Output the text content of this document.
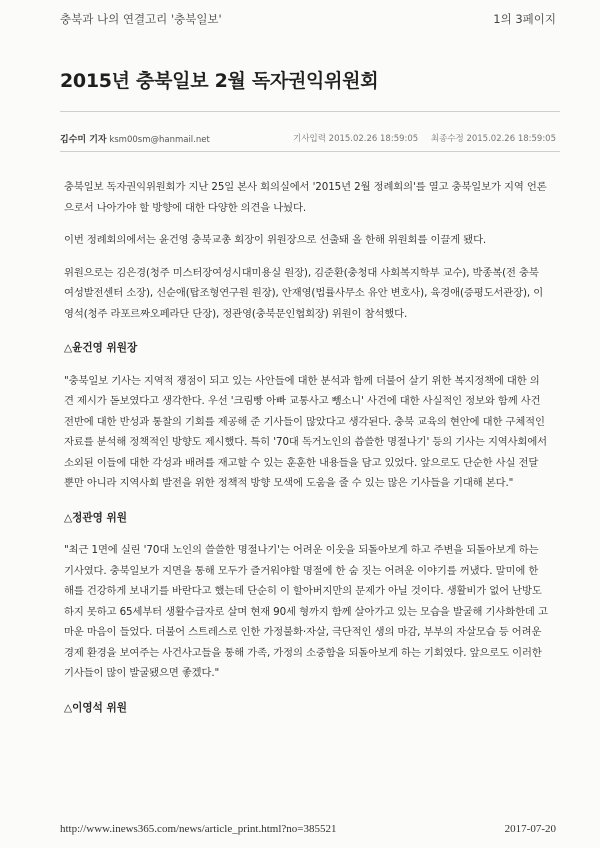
충북과 나의 연결고리 '충북일보'	1의 3페이지
2015년 충북일보 2월 독자권익위원회
김수미 기자 ksm00sm@hanmail.net	기사입력 2015.02.26 18:59:05 최종수정 2015.02.26 18:59:05

충북일보 독자권익위원회가 지난 25일 본사 회의실에서 '2015년 2월 정례회의'를 열고 충북일보가 지역 언론으로서 나아가야 할 방향에 대한 다양한 의견을 나눴다.

이번 정례회의에서는 윤건영 충북교총 회장이 위원장으로 선출돼 올 한해 위원회를 이끌게 됐다.

위원으로는 김은경(청주 미스터장여성시대미용실 원장), 김준환(충청대 사회복지학부 교수), 박종복(전 충북여성발전센터 소장), 신순애(탑조형연구원 원장), 안재영(법률사무소 유안 변호사), 육경애(증평도서관장), 이영석(청주 라포르짜오페라단 단장), 정관영(충북문인협회장) 위원이 참석했다.

△윤건영 위원장

"충북일보 기사는 지역적 쟁점이 되고 있는 사안들에 대한 분석과 함께 더불어 살기 위한 복지정책에 대한 의견 제시가 돋보였다고 생각한다. 우선 '크림빵 아빠 교통사고 뺑소니' 사건에 대한 사실적인 정보와 함께 사건전반에 대한 반성과 통찰의 기회를 제공해 준 기사들이 많았다고 생각된다. 충북 교육의 현안에 대한 구체적인 자료를 분석해 정책적인 방향도 제시했다. 특히 '70대 독거노인의 씁쓸한 명절나기' 등의 기사는 지역사회에서 소외된 이들에 대한 각성과 배려를 재고할 수 있는 훈훈한 내용들을 담고 있었다. 앞으로도 단순한 사실 전달뿐만 아니라 지역사회 발전을 위한 정책적 방향 모색에 도움을 줄 수 있는 많은 기사들을 기대해 본다."

△정관영 위원

"최근 1면에 실린 '70대 노인의 쓸쓸한 명절나기'는 어려운 이웃을 되돌아보게 하고 주변을 되돌아보게 하는 기사였다. 충북일보가 지면을 통해 모두가 즐거워야할 명절에 한 숨 짓는 어려운 이야기를 꺼냈다. 말미에 한해를 건강하게 보내기를 바란다고 했는데 단순히 이 할아버지만의 문제가 아닐 것이다. 생활비가 없어 난방도 하지 못하고 65세부터 생활수급자로 살며 현재 90세 형까지 함께 살아가고 있는 모습을 발굴해 기사화한데 고마운 마음이 들었다. 더불어 스트레스로 인한 가정불화·자살, 극단적인 생의 마감, 부부의 자살모습 등 어려운 경제 환경을 보여주는 사건사고들을 통해 가족, 가정의 소중함을 되돌아보게 하는 기회였다. 앞으로도 이러한 기사들이 많이 발굴됐으면 좋겠다."

△이영석 위원
http://www.inews365.com/news/article_print.html?no=385521	2017-07-20
